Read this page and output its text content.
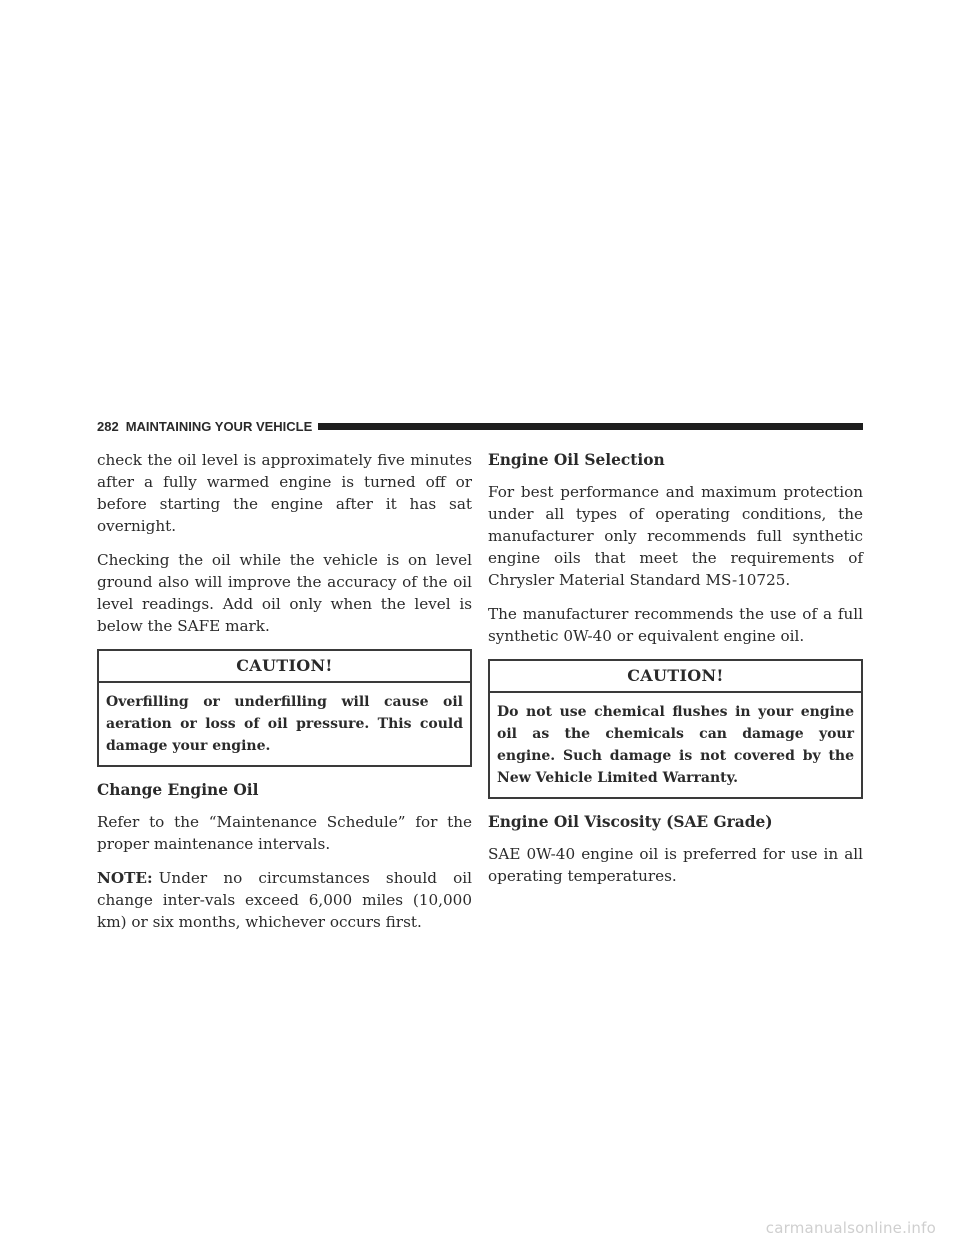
282 MAINTAINING YOUR VEHICLE

check the oil level is approximately five minutes after a fully warmed engine is turned off or before starting the engine after it has sat overnight.

Checking the oil while the vehicle is on level ground also will improve the accuracy of the oil level readings. Add oil only when the level is below the SAFE mark.

CAUTION!
Overfilling or underfilling will cause oil aeration or loss of oil pressure. This could damage your engine.
Change Engine Oil

Refer to the “Maintenance Schedule” for the proper maintenance intervals.

NOTE: Under no circumstances should oil change inter-vals exceed 6,000 miles (10,000 km) or six months, whichever occurs first.

Engine Oil Selection

For best performance and maximum protection under all types of operating conditions, the manufacturer only recommends full synthetic engine oils that meet the requirements of Chrysler Material Standard MS-10725.

The manufacturer recommends the use of a full synthetic 0W-40 or equivalent engine oil.

CAUTION!
Do not use chemical flushes in your engine oil as the chemicals can damage your engine. Such damage is not covered by the New Vehicle Limited Warranty.
Engine Oil Viscosity (SAE Grade)

SAE 0W-40 engine oil is preferred for use in all operating temperatures.

carmanualsonline.info
